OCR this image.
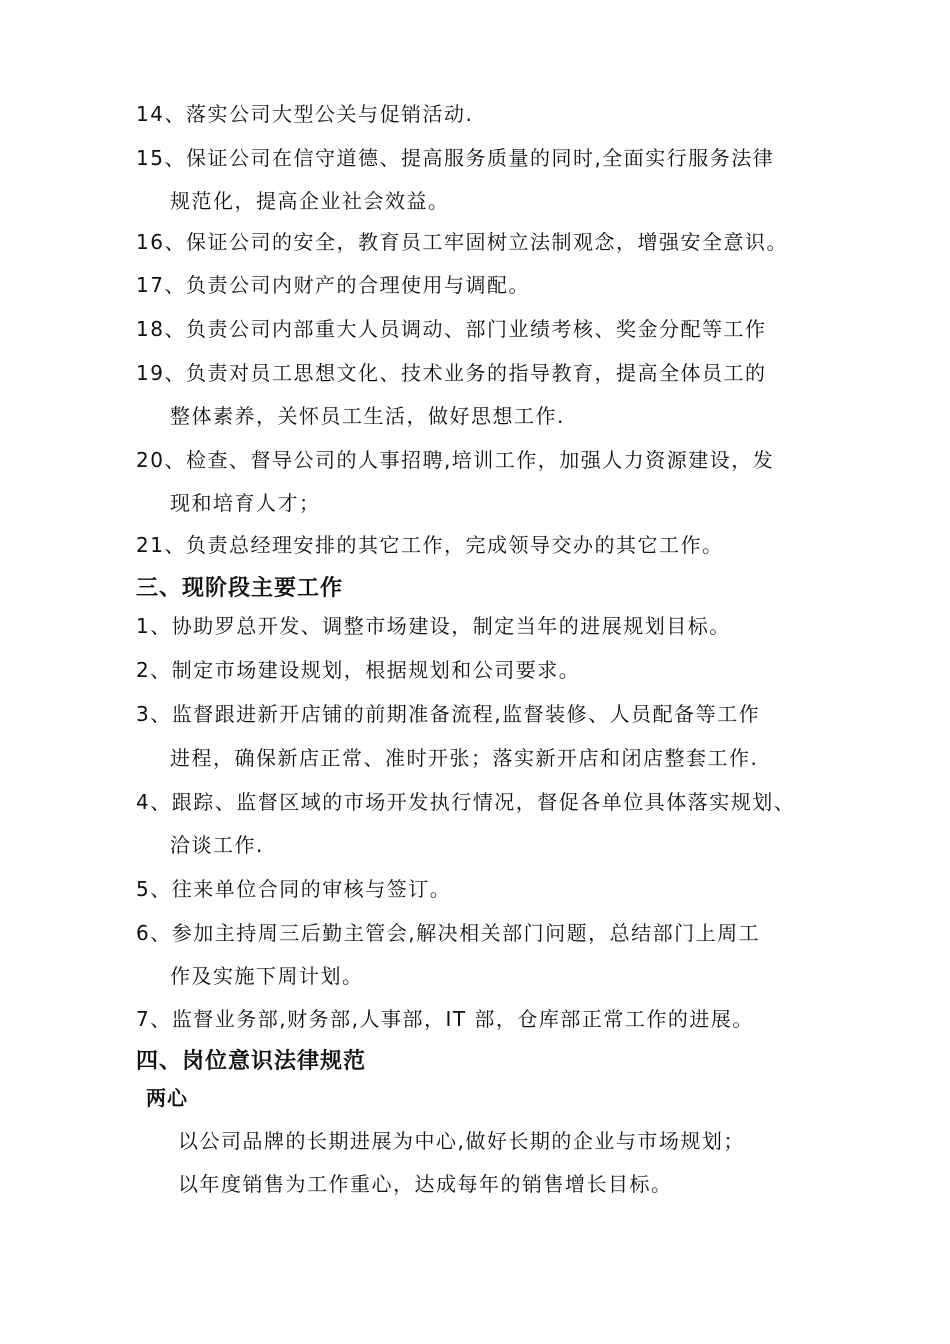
14、落实公司大型公关与促销活动.
15、保证公司在信守道德、提高服务质量的同时,全面实行服务法律
规范化，提高企业社会效益。
16、保证公司的安全，教育员工牢固树立法制观念，增强安全意识。
17、负责公司内财产的合理使用与调配。
18、负责公司内部重大人员调动、部门业绩考核、奖金分配等工作
19、负责对员工思想文化、技术业务的指导教育，提高全体员工的
整体素养，关怀员工生活，做好思想工作.
20、检查、督导公司的人事招聘,培训工作，加强人力资源建设，发
现和培育人才；
21、负责总经理安排的其它工作，完成领导交办的其它工作。
三、现阶段主要工作
1、协助罗总开发、调整市场建设，制定当年的进展规划目标。
2、制定市场建设规划，根据规划和公司要求。
3、监督跟进新开店铺的前期准备流程,监督装修、人员配备等工作
进程，确保新店正常、准时开张；落实新开店和闭店整套工作.
4、跟踪、监督区域的市场开发执行情况，督促各单位具体落实规划、
洽谈工作.
5、往来单位合同的审核与签订。
6、参加主持周三后勤主管会,解决相关部门问题，总结部门上周工
作及实施下周计划。
7、监督业务部,财务部,人事部，IT 部，仓库部正常工作的进展。
四、岗位意识法律规范
两心
以公司品牌的长期进展为中心,做好长期的企业与市场规划；
以年度销售为工作重心，达成每年的销售增长目标。
